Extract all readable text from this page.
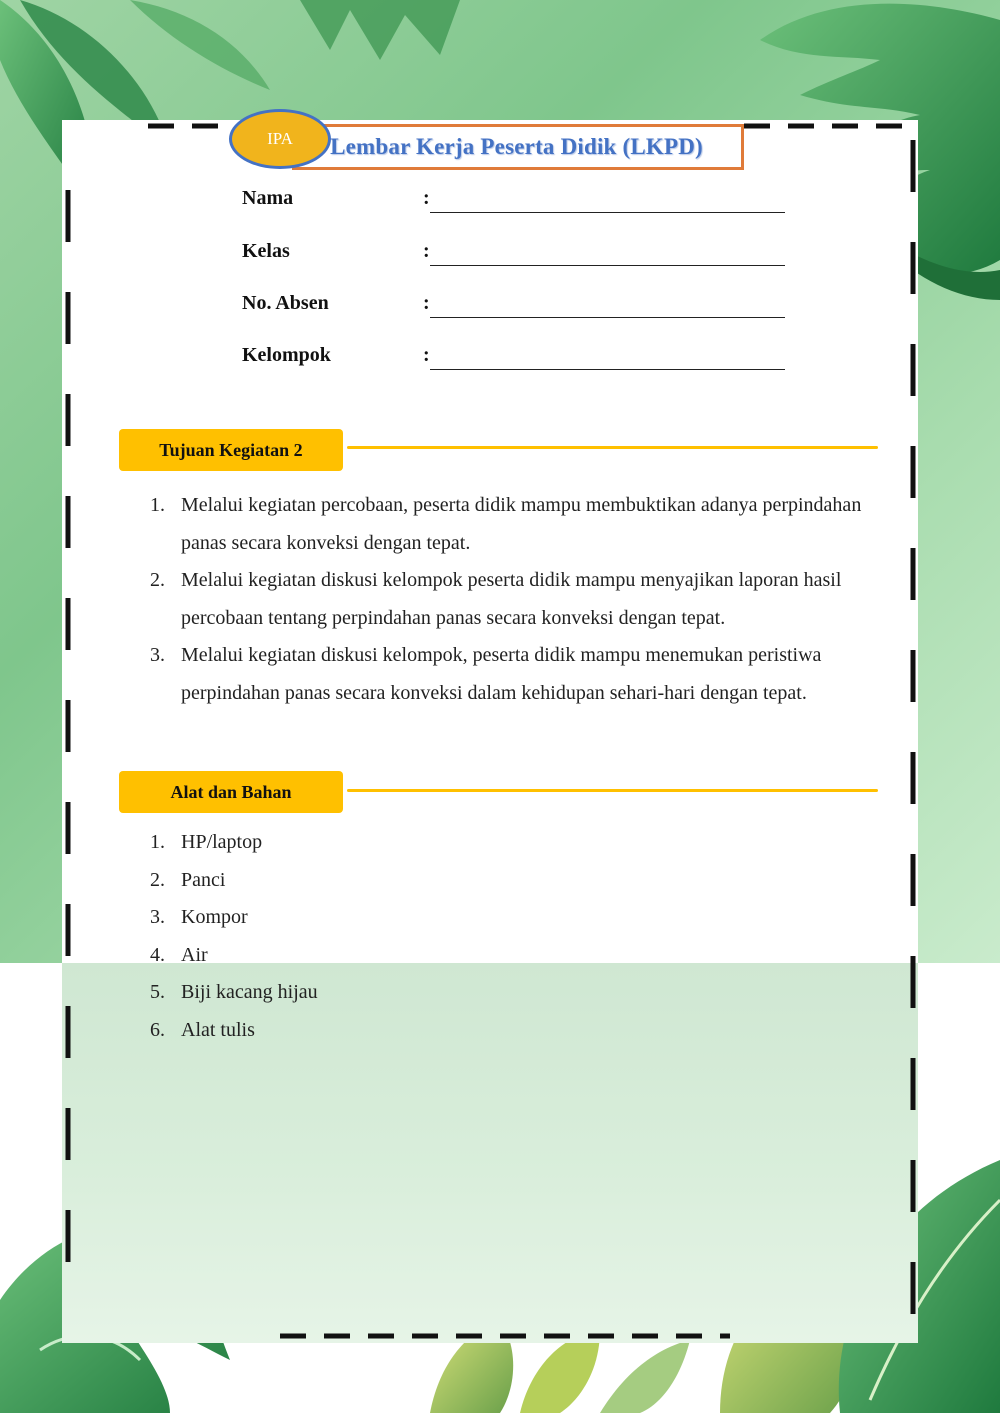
Lembar Kerja Peserta Didik (LKPD)
IPA
Nama	:
Kelas	:
No. Absen	:
Kelompok	:
Tujuan Kegiatan 2
1. Melalui kegiatan percobaan, peserta didik mampu membuktikan adanya perpindahan panas secara konveksi dengan tepat.
2. Melalui kegiatan diskusi kelompok peserta didik mampu menyajikan laporan hasil percobaan tentang perpindahan panas secara konveksi dengan tepat.
3. Melalui kegiatan diskusi kelompok, peserta didik mampu menemukan peristiwa perpindahan panas secara konveksi dalam kehidupan sehari-hari dengan tepat.
Alat dan Bahan
1. HP/laptop
2. Panci
3. Kompor
4. Air
5. Biji kacang hijau
6. Alat tulis
